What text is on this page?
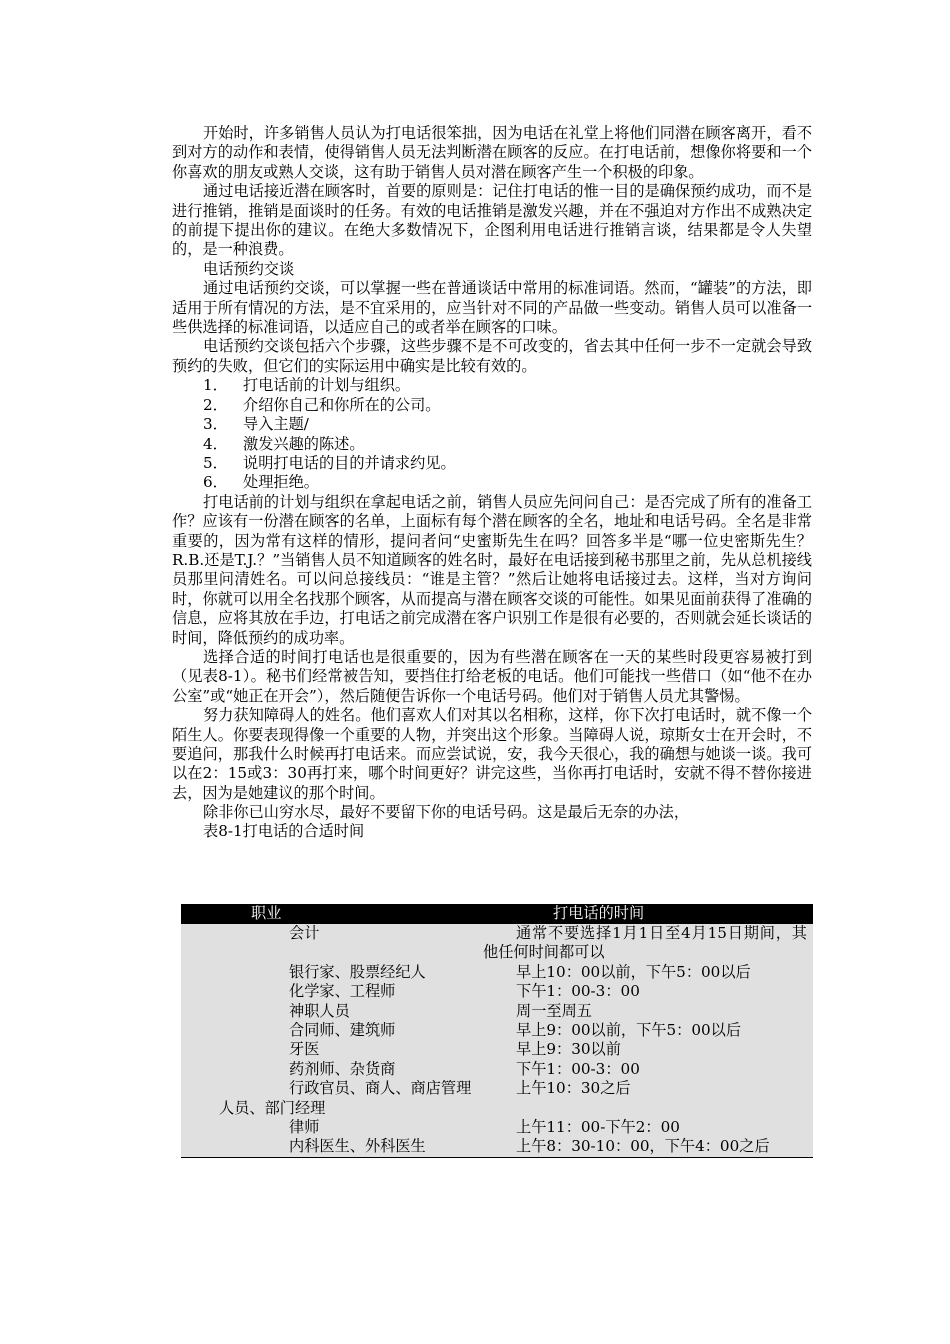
开始时，许多销售人员认为打电话很笨拙，因为电话在礼堂上将他们同潜在顾客离开，看不到对方的动作和表情，使得销售人员无法判断潜在顾客的反应。在打电话前，想像你将要和一个你喜欢的朋友或熟人交谈，这有助于销售人员对潜在顾客产生一个积极的印象。

通过电话接近潜在顾客时，首要的原则是：记住打电话的惟一目的是确保预约成功，而不是进行推销，推销是面谈时的任务。有效的电话推销是激发兴趣，并在不强迫对方作出不成熟决定的前提下提出你的建议。在绝大多数情况下，企图利用电话进行推销言谈，结果都是令人失望的，是一种浪费。

电话预约交谈

通过电话预约交谈，可以掌握一些在普通谈话中常用的标准词语。然而，“罐装”的方法，即适用于所有情况的方法，是不宜采用的，应当针对不同的产品做一些变动。销售人员可以准备一些供选择的标准词语，以适应自己的或者举在顾客的口味。

电话预约交谈包括六个步骤，这些步骤不是不可改变的，省去其中任何一步不一定就会导致预约的失败，但它们的实际运用中确实是比较有效的。

1． 打电话前的计划与组织。
2． 介绍你自己和你所在的公司。
3． 导入主题/
4． 激发兴趣的陈述。
5． 说明打电话的目的并请求约见。
6． 处理拒绝。

打电话前的计划与组织在拿起电话之前，销售人员应先问问自己：是否完成了所有的准备工作？应该有一份潜在顾客的名单，上面标有每个潜在顾客的全名，地址和电话号码。全名是非常重要的，因为常有这样的情形，提问者问“史蜜斯先生在吗？回答多半是“哪一位史密斯先生？R.B.还是T.J.？”当销售人员不知道顾客的姓名时，最好在电话接到秘书那里之前，先从总机接线员那里问清姓名。可以问总接线员：“谁是主管？”然后让她将电话接过去。这样，当对方询问时，你就可以用全名找那个顾客，从而提高与潜在顾客交谈的可能性。如果见面前获得了准确的信息，应将其放在手边，打电话之前完成潜在客户识别工作是很有必要的，否则就会延长谈话的时间，降低预约的成功率。

选择合适的时间打电话也是很重要的，因为有些潜在顾客在一天的某些时段更容易被打到（见表8-1）。秘书们经常被告知，要挡住打给老板的电话。他们可能找一些借口（如“他不在办公室”或“她正在开会”），然后随便告诉你一个电话号码。他们对于销售人员尤其警惕。

努力获知障碍人的姓名。他们喜欢人们对其以名相称，这样，你下次打电话时，就不像一个陌生人。你要表现得像一个重要的人物，并突出这个形象。当障碍人说，琼斯女士在开会时，不要追问，那我什么时候再打电话来。而应尝试说，安，我今天很心，我的确想与她谈一谈。我可以在2：15或3：30再打来，哪个时间更好？讲完这些，当你再打电话时，安就不得不替你接进去，因为是她建议的那个时间。

除非你已山穷水尽，最好不要留下你的电话号码。这是最后无奈的办法，

表8-1打电话的合适时间

职业	打电话的时间
会计	通常不要选择1月1日至4月15日期间，其他任何时间都可以
银行家、股票经纪人	早上10：00以前，下午5：00以后
化学家、工程师	下午1：00-3：00
神职人员	周一至周五
合同师、建筑师	早上9：00以前，下午5：00以后
牙医	早上9：30以前
药剂师、杂货商	下午1：00-3：00
行政官员、商人、商店管理人员、部门经理	上午10：30之后
律师	上午11：00-下午2：00
内科医生、外科医生	上午8：30-10：00，下午4：00之后
